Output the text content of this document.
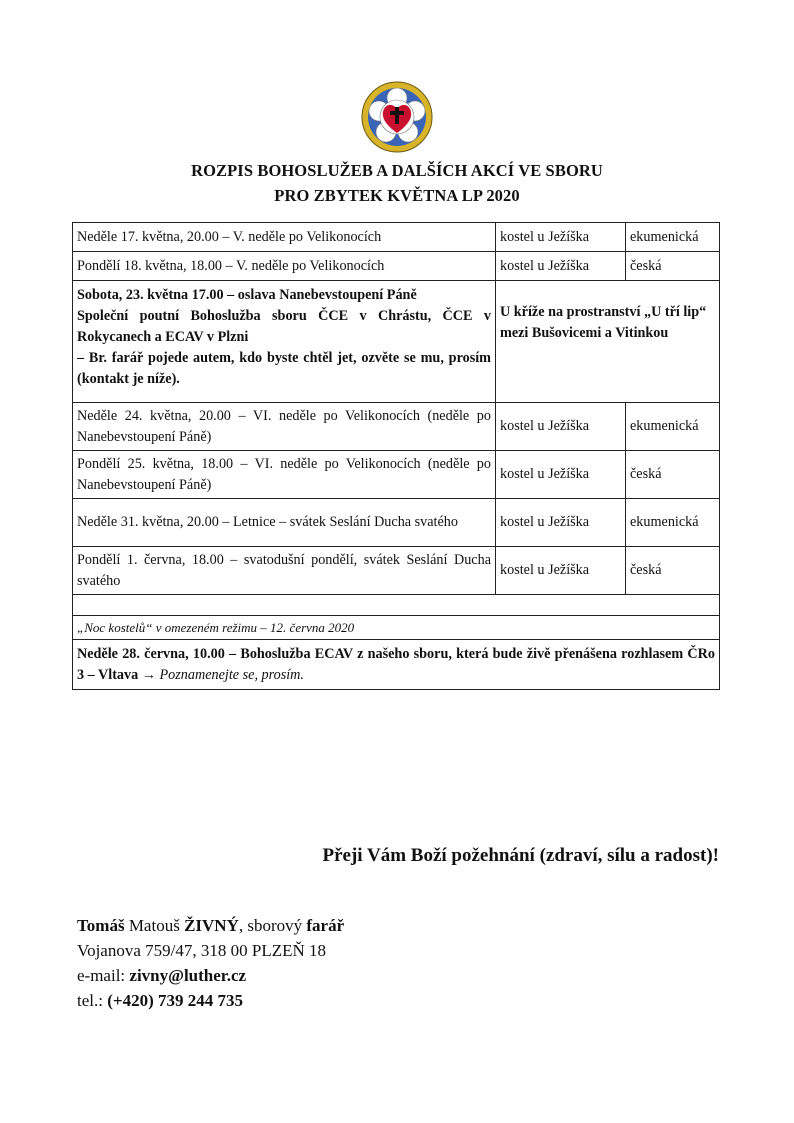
ROZPIS BOHOSLUŽEB A DALŠÍCH AKCÍ VE SBORU
PRO ZBYTEK KVĚTNA LP 2020
Neděle 17. května, 20.00 – V. neděle po Velikonocích	kostel u Ježíška	ekumenická
Pondělí 18. května, 18.00 – V. neděle po Velikonocích	kostel u Ježíška	česká

Sobota, 23. května 17.00 – oslava Nanebevstoupení Páně
Společní poutní Bohoslužba sboru ČCE v Chrástu, ČCE v Rokycanech a ECAV v Plzni
– Br. farář pojede autem, kdo byste chtěl jet, ozvěte se mu, prosím (kontakt je níže).	U kříže na prostranství „U tří lip“ mezi Bušovicemi a Vitinkou	
Neděle 24. května, 20.00 – VI. neděle po Velikonocích (neděle po Nanebevstoupení Páně)	kostel u Ježíška	ekumenická
Pondělí 25. května, 18.00 – VI. neděle po Velikonocích (neděle po Nanebevstoupení Páně)	kostel u Ježíška	česká
Neděle 31. května, 20.00 – Letnice – svátek Seslání Ducha svatého	kostel u Ježíška	ekumenická
Pondělí 1. června, 18.00 – svatodušní pondělí, svátek Seslání Ducha svatého	kostel u Ježíška	česká

„Noc kostelů“ v omezeném režimu – 12. června 2020		
Neděle 28. června, 10.00 – Bohoslužba ECAV z našeho sboru, která bude živě přenášena rozhlasem ČRo 3 – Vltava → Poznamenejte se, prosím.		
Přeji Vám Boží požehnání (zdraví, sílu a radost)!
Tomáš Matouš ŽIVNÝ, sborový farář
Vojanova 759/47, 318 00 PLZEŇ 18
e-mail: zivny@luther.cz
tel.: (+420) 739 244 735
